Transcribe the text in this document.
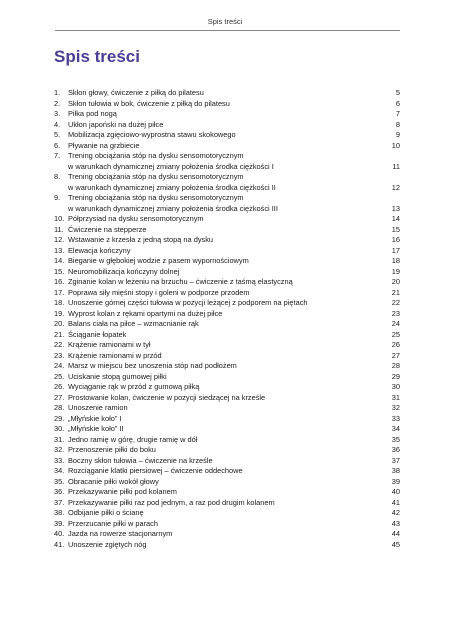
Spis treści
Spis treści
1. Skłon głowy, ćwiczenie z piłką do pilatesu	5
2. Skłon tułowia w bok, ćwiczenie z piłką do pilatesu	6
3. Piłka pod nogą	7
4. Ukłon japoński na dużej piłce	8
5. Mobilizacja zgięciowo-wyprostna stawu skokowego	9
6. Pływanie na grzbiecie	10
7. Trening obciążania stóp na dysku sensomotorycznym
w warunkach dynamicznej zmiany położenia środka ciężkości I	11
8. Trening obciążania stóp na dysku sensomotorycznym
w warunkach dynamicznej zmiany położenia środka ciężkości II	12
9. Trening obciążania stóp na dysku sensomotorycznym
w warunkach dynamicznej zmiany położenia środka ciężkości III	13
10. Półprzysiad na dysku sensomotorycznym	14
11. Ćwiczenie na stepperze	15
12. Wstawanie z krzesła z jedną stopą na dysku	16
13. Elewacja kończyny	17
14. Bieganie w głębokiej wodzie z pasem wypornościowym	18
15. Neuromobilizacja kończyny dolnej	19
16. Zginanie kolan w leżeniu na brzuchu – ćwiczenie z taśmą elastyczną	20
17. Poprawa siły mięśni stopy i goleni w podporze przodem	21
18. Unoszenie górnej części tułowia w pozycji leżącej z podporem na piętach	22
19. Wyprost kolan z rękami opartymi na dużej piłce	23
20. Balans ciała na piłce – wzmacnianie rąk	24
21. Ściąganie łopatek	25
22. Krążenie ramionami w tył	26
23. Krążenie ramionami w przód	27
24. Marsz w miejscu bez unoszenia stóp nad podłożem	28
25. Uciskanie stopą gumowej piłki	29
26. Wyciąganie rąk w przód z gumową piłką	30
27. Prostowanie kolan, ćwiczenie w pozycji siedzącej na krześle	31
28. Unoszenie ramion	32
29. „Młyńskie koło” I	33
30. „Młyńskie koło” II	34
31. Jedno ramię w górę, drugie ramię w dół	35
32. Przenoszenie piłki do boku	36
33. Boczny skłon tułowia – ćwiczenie na krześle	37
34. Rozciąganie klatki piersiowej – ćwiczenie oddechowe	38
35. Obracanie piłki wokół głowy	39
36. Przekazywanie piłki pod kolanem	40
37. Przekazywanie piłki raz pod jednym, a raz pod drugim kolanem	41
38. Odbijanie piłki o ścianę	42
39. Przerzucanie piłki w parach	43
40. Jazda na rowerze stacjonarnym	44
41. Unoszenie zgiętych nóg	45
